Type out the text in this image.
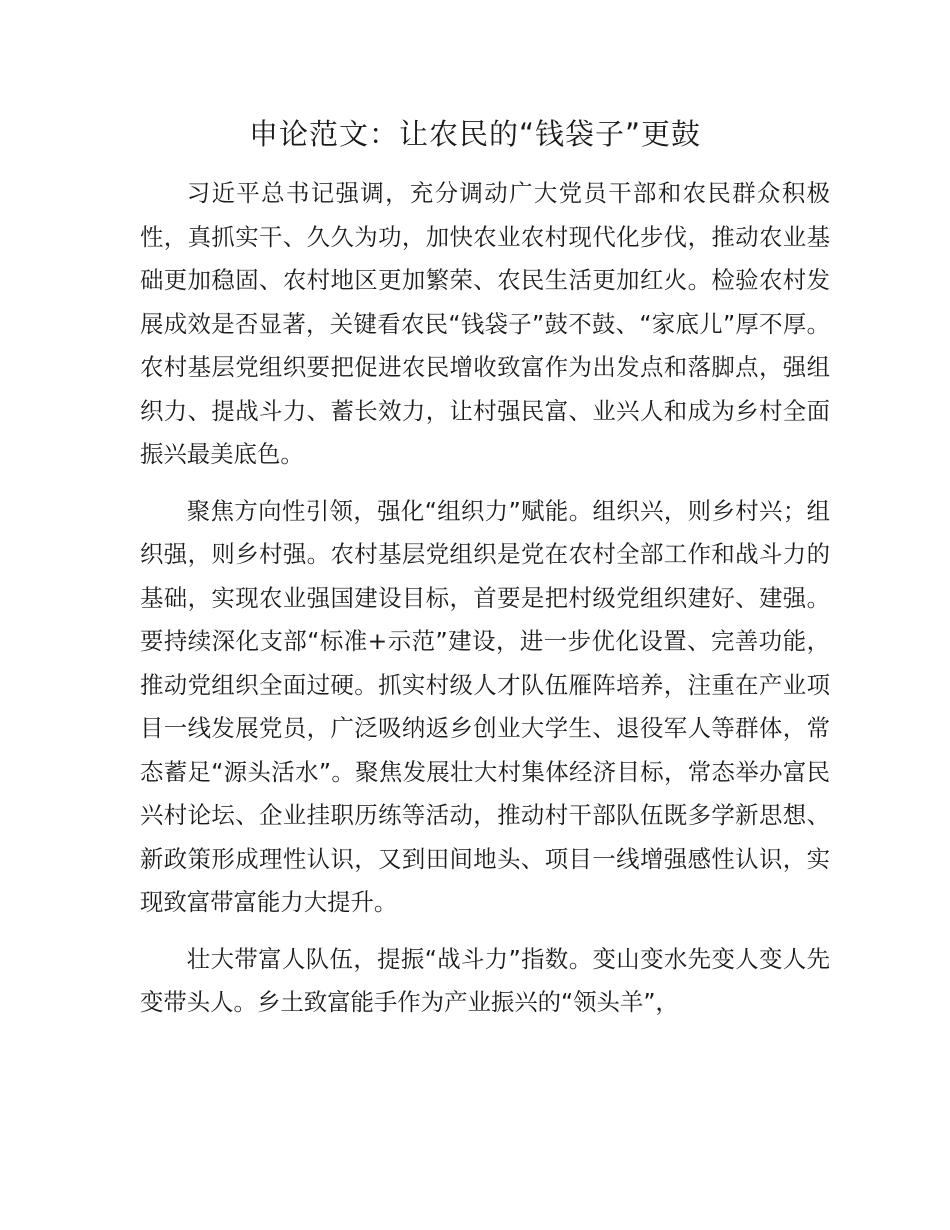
申论范文：让农民的“钱袋子”更鼓

习近平总书记强调，充分调动广大党员干部和农民群众积极性，真抓实干、久久为功，加快农业农村现代化步伐，推动农业基础更加稳固、农村地区更加繁荣、农民生活更加红火。检验农村发展成效是否显著，关键看农民“钱袋子”鼓不鼓、“家底儿”厚不厚。农村基层党组织要把促进农民增收致富作为出发点和落脚点，强组织力、提战斗力、蓄长效力，让村强民富、业兴人和成为乡村全面振兴最美底色。

聚焦方向性引领，强化“组织力”赋能。组织兴，则乡村兴；组织强，则乡村强。农村基层党组织是党在农村全部工作和战斗力的基础，实现农业强国建设目标，首要是把村级党组织建好、建强。要持续深化支部“标准+示范”建设，进一步优化设置、完善功能，推动党组织全面过硬。抓实村级人才队伍雁阵培养，注重在产业项目一线发展党员，广泛吸纳返乡创业大学生、退役军人等群体，常态蓄足“源头活水”。聚焦发展壮大村集体经济目标，常态举办富民兴村论坛、企业挂职历练等活动，推动村干部队伍既多学新思想、新政策形成理性认识，又到田间地头、项目一线增强感性认识，实现致富带富能力大提升。

壮大带富人队伍，提振“战斗力”指数。变山变水先变人变人先变带头人。乡土致富能手作为产业振兴的“领头羊”，
